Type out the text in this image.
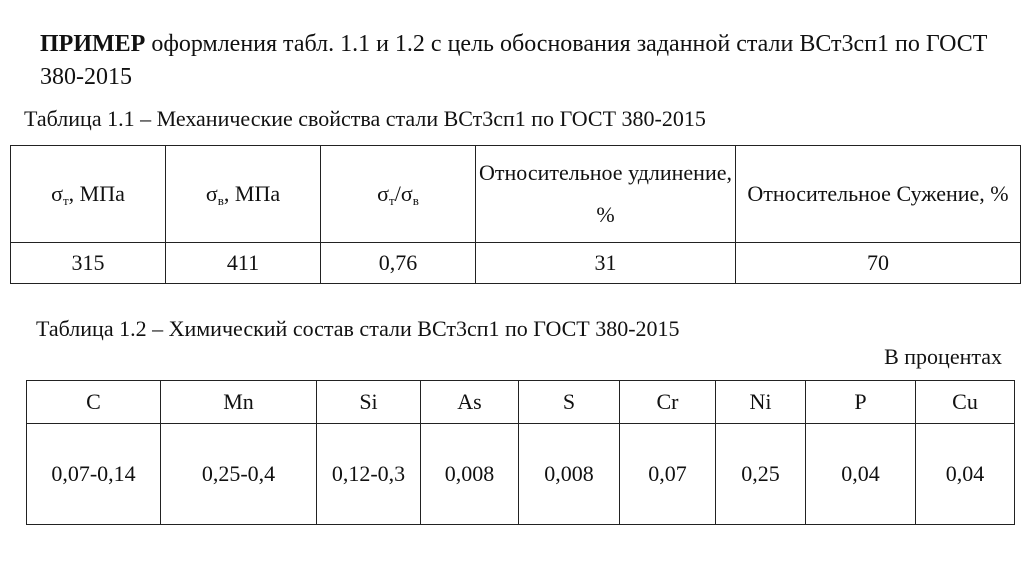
ПРИМЕР оформления табл. 1.1 и 1.2 с цель обоснования заданной стали ВСт3сп1 по ГОСТ 380-2015
Таблица 1.1 – Механические свойства стали ВСт3сп1 по ГОСТ 380-2015
$\sigma_т$, МПа	$\sigma_в$, МПа	$\sigma_т/\sigma_в$	Относительное удлинение, %	Относительное Сужение, %
315	411	0,76	31	70
Таблица 1.2 – Химический состав стали ВСт3сп1 по ГОСТ 380-2015
В процентах
C	Mn	Si	As	S	Cr	Ni	P	Cu
0,07-0,14	0,25-0,4	0,12-0,3	0,008	0,008	0,07	0,25	0,04	0,04
